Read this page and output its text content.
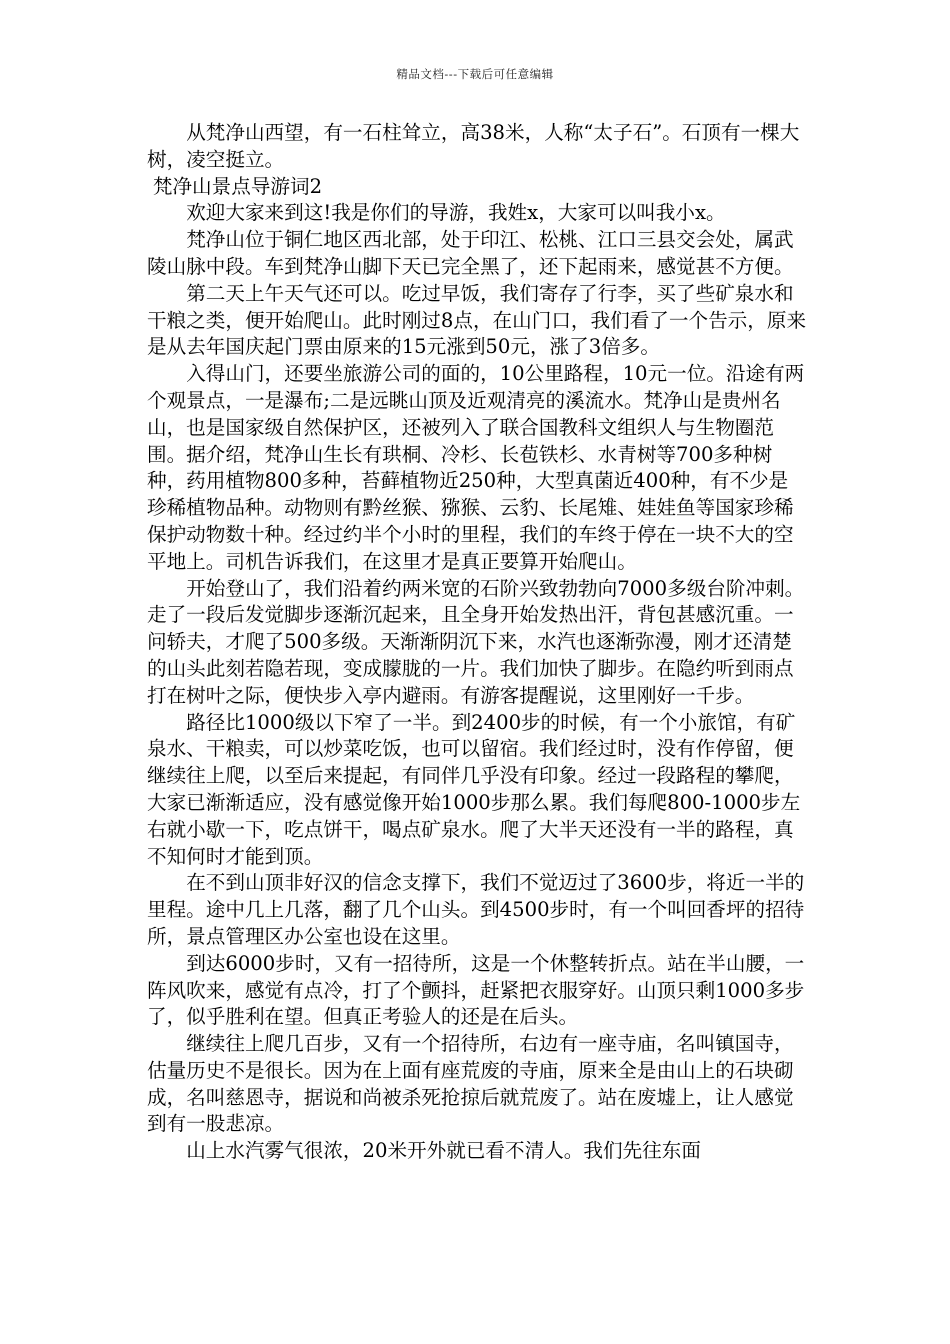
精品文档---下载后可任意编辑

从梵净山西望，有一石柱耸立，高38米，人称“太子石”。石顶有一棵大树，凌空挺立。

梵净山景点导游词2

欢迎大家来到这!我是你们的导游，我姓x，大家可以叫我小x。

梵净山位于铜仁地区西北部，处于印江、松桃、江口三县交会处，属武陵山脉中段。车到梵净山脚下天已完全黑了，还下起雨来，感觉甚不方便。

第二天上午天气还可以。吃过早饭，我们寄存了行李，买了些矿泉水和干粮之类，便开始爬山。此时刚过8点，在山门口，我们看了一个告示，原来是从去年国庆起门票由原来的15元涨到50元，涨了3倍多。

入得山门，还要坐旅游公司的面的，10公里路程，10元一位。沿途有两个观景点，一是瀑布;二是远眺山顶及近观清亮的溪流水。梵净山是贵州名山，也是国家级自然保护区，还被列入了联合国教科文组织人与生物圈范围。据介绍，梵净山生长有珙桐、冷杉、长苞铁杉、水青树等700多种树种，药用植物800多种，苔藓植物近250种，大型真菌近400种，有不少是珍稀植物品种。动物则有黔丝猴、猕猴、云豹、长尾雉、娃娃鱼等国家珍稀保护动物数十种。经过约半个小时的里程，我们的车终于停在一块不大的空平地上。司机告诉我们，在这里才是真正要算开始爬山。

开始登山了，我们沿着约两米宽的石阶兴致勃勃向7000多级台阶冲刺。走了一段后发觉脚步逐渐沉起来，且全身开始发热出汗，背包甚感沉重。一问轿夫，才爬了500多级。天渐渐阴沉下来，水汽也逐渐弥漫，刚才还清楚的山头此刻若隐若现，变成朦胧的一片。我们加快了脚步。在隐约听到雨点打在树叶之际，便快步入亭内避雨。有游客提醒说，这里刚好一千步。

路径比1000级以下窄了一半。到2400步的时候，有一个小旅馆，有矿泉水、干粮卖，可以炒菜吃饭，也可以留宿。我们经过时，没有作停留，便继续往上爬，以至后来提起，有同伴几乎没有印象。经过一段路程的攀爬，大家已渐渐适应，没有感觉像开始1000步那么累。我们每爬800-1000步左右就小歇一下，吃点饼干，喝点矿泉水。爬了大半天还没有一半的路程，真不知何时才能到顶。

在不到山顶非好汉的信念支撑下，我们不觉迈过了3600步，将近一半的里程。途中几上几落，翻了几个山头。到4500步时，有一个叫回香坪的招待所，景点管理区办公室也设在这里。

到达6000步时，又有一招待所，这是一个休整转折点。站在半山腰，一阵风吹来，感觉有点冷，打了个颤抖，赶紧把衣服穿好。山顶只剩1000多步了，似乎胜利在望。但真正考验人的还是在后头。

继续往上爬几百步，又有一个招待所，右边有一座寺庙，名叫镇国寺，估量历史不是很长。因为在上面有座荒废的寺庙，原来全是由山上的石块砌成，名叫慈恩寺，据说和尚被杀死抢掠后就荒废了。站在废墟上，让人感觉到有一股悲凉。

山上水汽雾气很浓，20米开外就已看不清人。我们先往东面
